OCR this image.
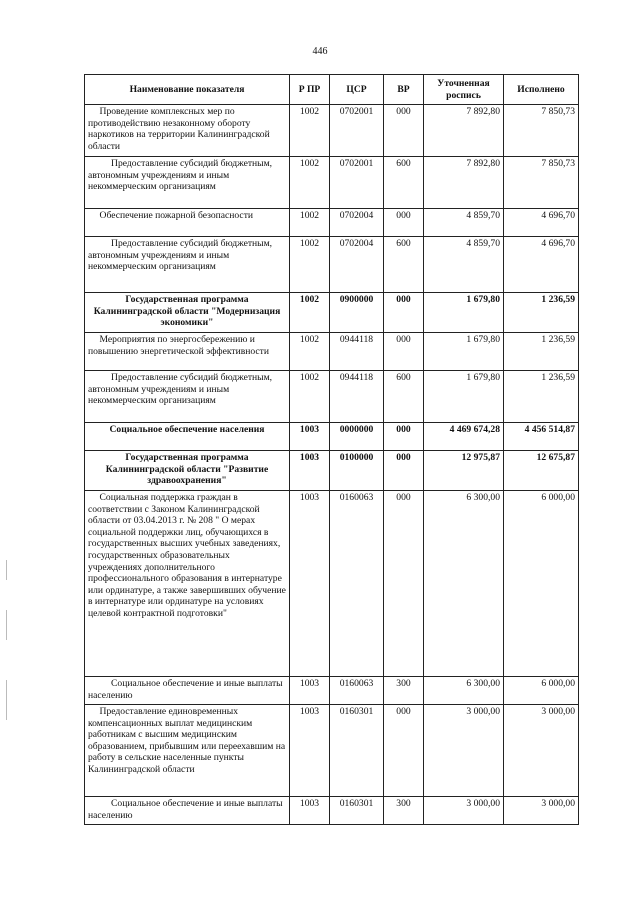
446
Наименование показателя	Р ПР	ЦСР	ВР	Уточненная роспись	Исполнено
Проведение комплексных мер по противодействию незаконному обороту наркотиков на территории Калининградской области	1002	0702001	000	7 892,80	7 850,73
Предоставление субсидий бюджетным, автономным учреждениям и иным некоммерческим организациям	1002	0702001	600	7 892,80	7 850,73
Обеспечение пожарной безопасности	1002	0702004	000	4 859,70	4 696,70
Предоставление субсидий бюджетным, автономным учреждениям и иным некоммерческим организациям	1002	0702004	600	4 859,70	4 696,70
Государственная программа Калининградской области "Модернизация экономики"	1002	0900000	000	1 679,80	1 236,59
Мероприятия по энергосбережению и повышению энергетической эффективности	1002	0944118	000	1 679,80	1 236,59
Предоставление субсидий бюджетным, автономным учреждениям и иным некоммерческим организациям	1002	0944118	600	1 679,80	1 236,59
Социальное обеспечение населения	1003	0000000	000	4 469 674,28	4 456 514,87
Государственная программа Калининградской области "Развитие здравоохранения"	1003	0100000	000	12 975,87	12 675,87
Социальная поддержка граждан в соответствии с Законом Калининградской области от 03.04.2013 г. № 208 " О мерах социальной поддержки лиц, обучающихся в государственных высших учебных заведениях, государственных образовательных учреждениях дополнительного профессионального образования в интернатуре или ординатуре, а также завершивших обучение в интернатуре или ординатуре на условиях целевой контрактной подготовки"	1003	0160063	000	6 300,00	6 000,00
Социальное обеспечение и иные выплаты населению	1003	0160063	300	6 300,00	6 000,00
Предоставление единовременных компенсационных выплат медицинским работникам с высшим медицинским образованием, прибывшим или переехавшим на работу в сельские населенные пункты Калининградской области	1003	0160301	000	3 000,00	3 000,00
Социальное обеспечение и иные выплаты населению	1003	0160301	300	3 000,00	3 000,00
